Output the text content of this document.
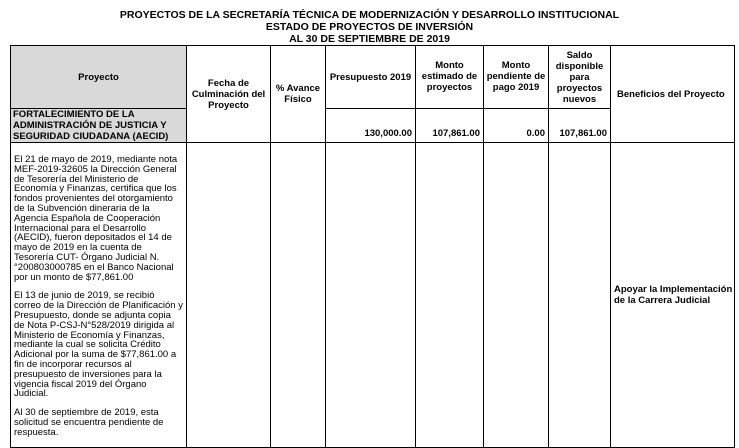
PROYECTOS DE LA SECRETARÍA TÉCNICA DE MODERNIZACIÓN Y DESARROLLO INSTITUCIONAL
ESTADO DE PROYECTOS DE INVERSIÓN
AL 30 DE SEPTIEMBRE DE 2019
Proyecto	Fecha de Culminación del Proyecto	% Avance Físico	Presupuesto 2019	Monto estimado de proyectos	Monto pendiente de pago 2019	Saldo disponible para proyectos nuevos	Beneficios del Proyecto
FORTALECIMIENTO DE LA ADMINISTRACIÓN DE JUSTICIA Y SEGURIDAD CIUDADANA (AECID)			130,000.00	107,861.00	0.00	107,861.00	

El 21 de mayo de 2019, mediante nota MEF-2019-32605 la Dirección General de Tesorería del Ministerio de Economía y Finanzas, certifica que los fondos provenientes del otorgamiento de la Subvención dineraria de la Agencia Española de Cooperación Internacional para el Desarrollo (AECID), fueron depositados el 14 de mayo de 2019 en la cuenta de Tesorería CUT- Órgano Judicial N.°200803000785 en el Banco Nacional por un monto de $77,861.00

El 13 de junio de 2019, se recibió correo de la Dirección de Planificación y Presupuesto, donde se adjunta copia de Nota P-CSJ-N°528/2019 dirigida al Ministerio de Economía y Finanzas, mediante la cual se solicita Crédito Adicional por la suma de $77,861.00 a fin de incorporar recursos al presupuesto de inversiones para la vigencia fiscal 2019 del Órgano Judicial.

Al 30 de septiembre de 2019, esta solicitud se encuentra pendiente de respuesta.							Apoyar la Implementación de la Carrera Judicial
